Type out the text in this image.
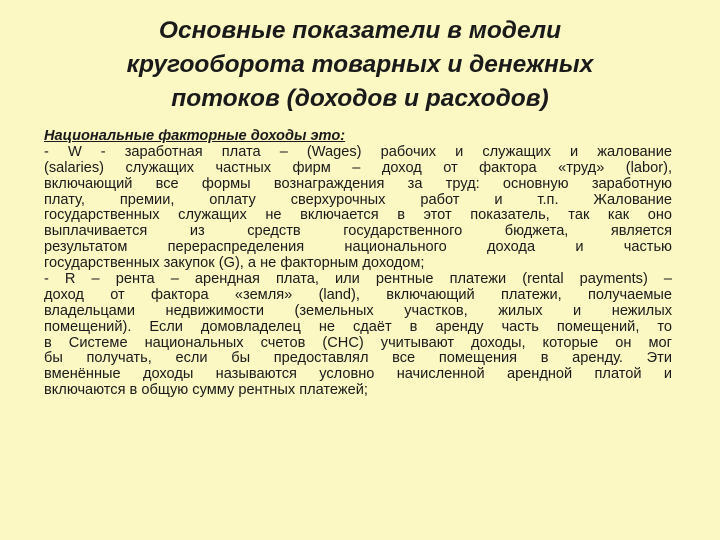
Основные показатели в модели
кругооборота товарных и денежных
потоков (доходов и расходов)
Национальные факторные доходы это:
- W - заработная плата – (Wages) рабочих и служащих и жалование
(salaries) служащих частных фирм – доход от фактора «труд» (labor),
включающий все формы вознаграждения за труд: основную заработную
плату, премии, оплату сверхурочных работ и т.п. Жалование
государственных служащих не включается в этот показатель, так как оно
выплачивается из средств государственного бюджета, является
результатом перераспределения национального дохода и частью
государственных закупок (G), а не факторным доходом;
- R – рента – арендная плата, или рентные платежи (rental payments) –
доход от фактора «земля» (land), включающий платежи, получаемые
владельцами недвижимости (земельных участков, жилых и нежилых
помещений). Если домовладелец не сдаёт в аренду часть помещений, то
в Системе национальных счетов (СНС) учитывают доходы, которые он мог
бы получать, если бы предоставлял все помещения в аренду. Эти
вменённые доходы называются условно начисленной арендной платой и
включаются в общую сумму рентных платежей;
